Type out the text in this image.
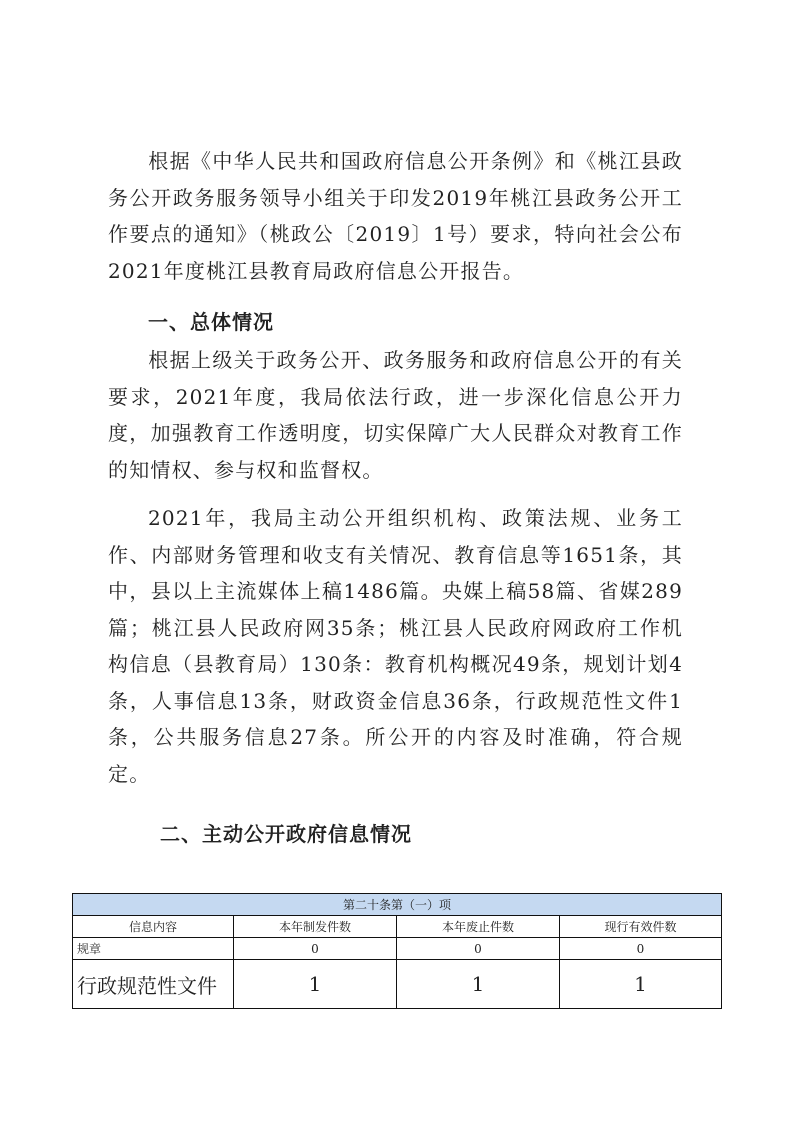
根据《中华人民共和国政府信息公开条例》和《桃江县政务公开政务服务领导小组关于印发2019年桃江县政务公开工作要点的通知》（桃政公〔2019〕1号）要求，特向社会公布2021年度桃江县教育局政府信息公开报告。

一、总体情况

根据上级关于政务公开、政务服务和政府信息公开的有关要求，2021年度，我局依法行政，进一步深化信息公开力度，加强教育工作透明度，切实保障广大人民群众对教育工作的知情权、参与权和监督权。

2021年，我局主动公开组织机构、政策法规、业务工作、内部财务管理和收支有关情况、教育信息等1651条，其中，县以上主流媒体上稿1486篇。央媒上稿58篇、省媒289篇；桃江县人民政府网35条；桃江县人民政府网政府工作机构信息（县教育局）130条：教育机构概况49条，规划计划4条，人事信息13条，财政资金信息36条，行政规范性文件1条，公共服务信息27条。所公开的内容及时准确，符合规定。

二、主动公开政府信息情况
第二十条第（一）项			
信息内容	本年制发件数	本年废止件数	现行有效件数
规章	0	0	0
行政规范性文件	1	1	1
